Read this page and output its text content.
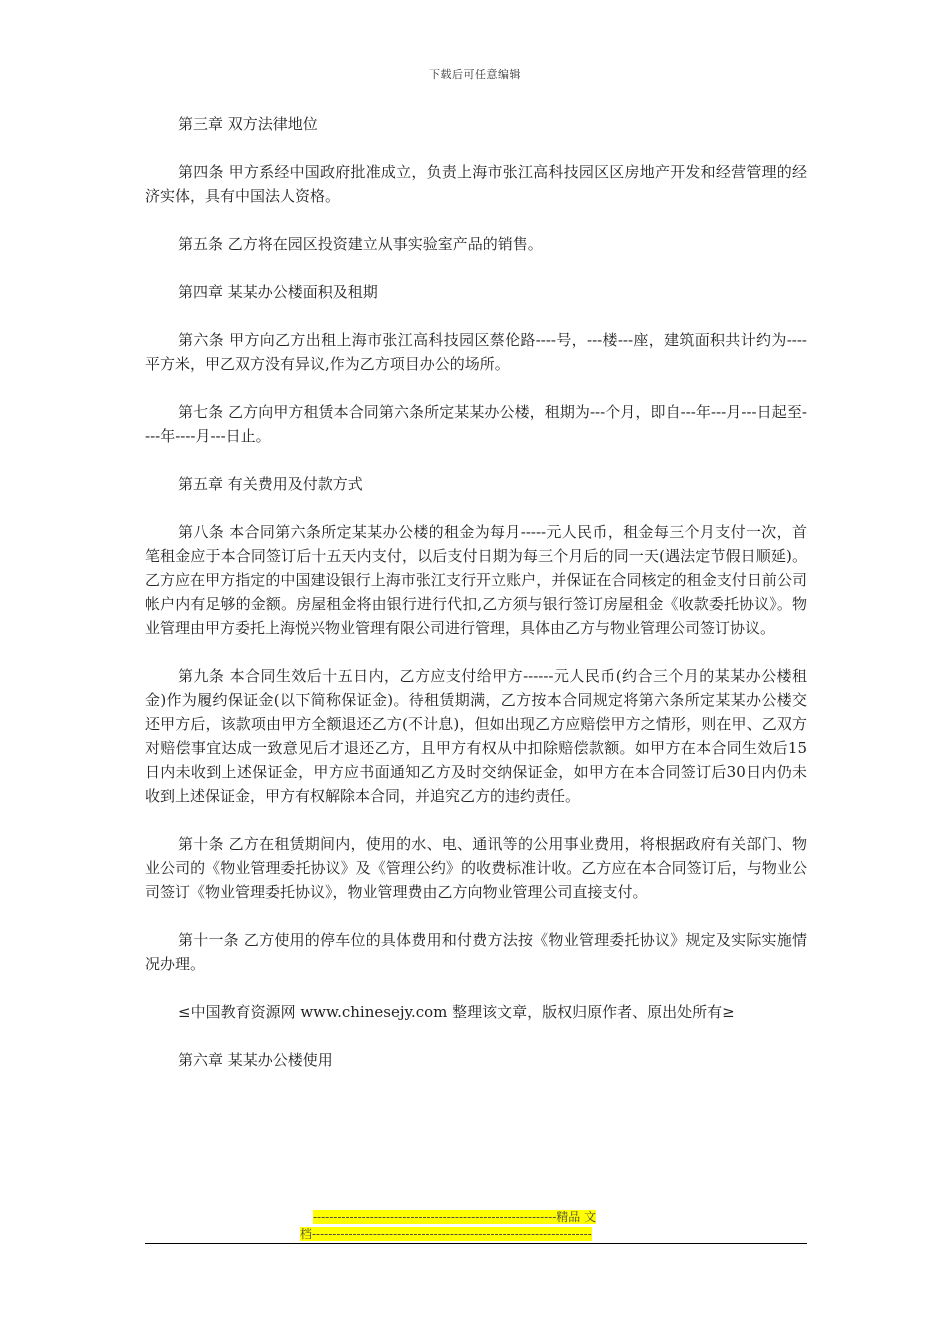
下载后可任意编辑

第三章 双方法律地位

第四条 甲方系经中国政府批准成立，负责上海市张江高科技园区区房地产开发和经营管理的经济实体，具有中国法人资格。

第五条 乙方将在园区投资建立从事实验室产品的销售。

第四章 某某办公楼面积及租期

第六条 甲方向乙方出租上海市张江高科技园区蔡伦路----号，---楼---座，建筑面积共计约为----平方米，甲乙双方没有异议,作为乙方项目办公的场所。

第七条 乙方向甲方租赁本合同第六条所定某某办公楼，租期为---个月，即自---年---月---日起至----年----月---日止。

第五章 有关费用及付款方式

第八条 本合同第六条所定某某办公楼的租金为每月-----元人民币，租金每三个月支付一次，首笔租金应于本合同签订后十五天内支付，以后支付日期为每三个月后的同一天(遇法定节假日顺延)。乙方应在甲方指定的中国建设银行上海市张江支行开立账户，并保证在合同核定的租金支付日前公司帐户内有足够的金额。房屋租金将由银行进行代扣,乙方须与银行签订房屋租金《收款委托协议》。物业管理由甲方委托上海悦兴物业管理有限公司进行管理，具体由乙方与物业管理公司签订协议。

第九条 本合同生效后十五日内，乙方应支付给甲方------元人民币(约合三个月的某某办公楼租金)作为履约保证金(以下简称保证金)。待租赁期满，乙方按本合同规定将第六条所定某某办公楼交还甲方后，该款项由甲方全额退还乙方(不计息)，但如出现乙方应赔偿甲方之情形，则在甲、乙双方对赔偿事宜达成一致意见后才退还乙方，且甲方有权从中扣除赔偿款额。如甲方在本合同生效后15日内未收到上述保证金，甲方应书面通知乙方及时交纳保证金，如甲方在本合同签订后30日内仍未收到上述保证金，甲方有权解除本合同，并追究乙方的违约责任。

第十条 乙方在租赁期间内，使用的水、电、通讯等的公用事业费用，将根据政府有关部门、物业公司的《物业管理委托协议》及《管理公约》的收费标准计收。乙方应在本合同签订后，与物业公司签订《物业管理委托协议》，物业管理费由乙方向物业管理公司直接支付。

第十一条 乙方使用的停车位的具体费用和付费方法按《物业管理委托协议》规定及实际实施情况办理。

≤中国教育资源网 www.chinesejy.com 整理该文章，版权归原作者、原出处所有≥

第六章 某某办公楼使用

------------------------------------------------------------精品 文
档---------------------------------------------------------------------
